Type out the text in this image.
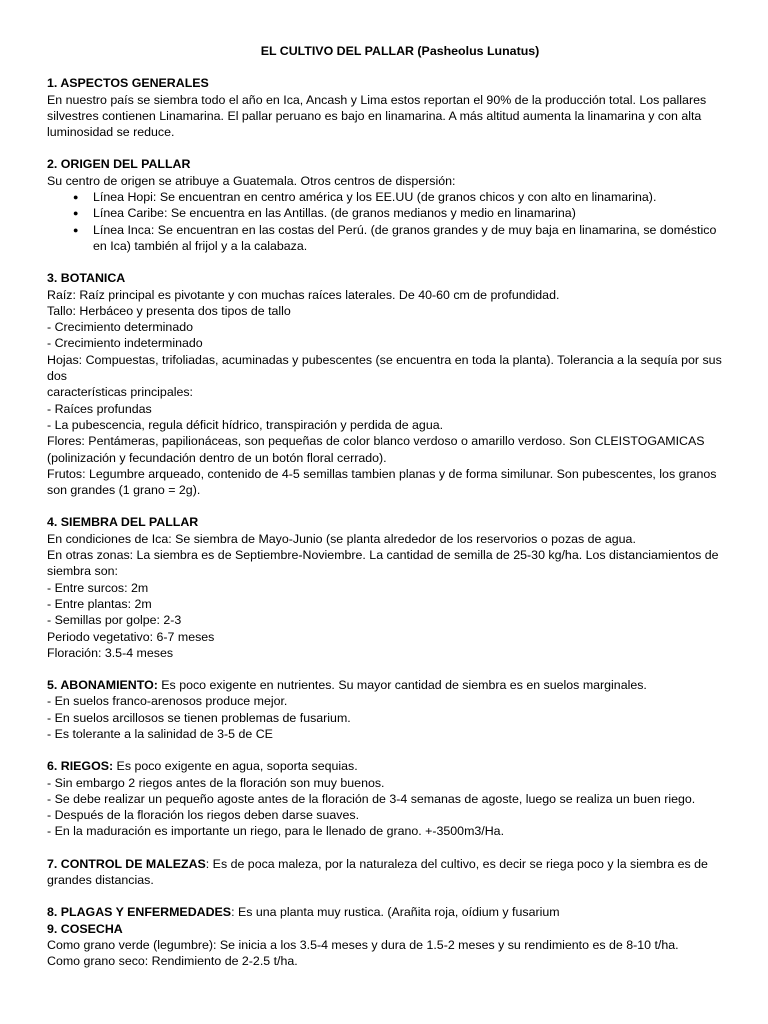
EL CULTIVO DEL PALLAR (Pasheolus Lunatus)
1. ASPECTOS GENERALES
En nuestro país se siembra todo el año en Ica, Ancash y Lima estos reportan el 90% de la producción total. Los pallares silvestres contienen Linamarina. El pallar peruano es bajo en linamarina. A más altitud aumenta la linamarina y con alta luminosidad se reduce.
2. ORIGEN DEL PALLAR
Su centro de origen se atribuye a Guatemala. Otros centros de dispersión:
● Línea Hopi: Se encuentran en centro américa y los EE.UU (de granos chicos y con alto en linamarina).
● Línea Caribe: Se encuentra en las Antillas. (de granos medianos y medio en linamarina)
● Línea Inca: Se encuentran en las costas del Perú. (de granos grandes y de muy baja en linamarina, se doméstico en Ica) también al frijol y a la calabaza.
3. BOTANICA
Raíz: Raíz principal es pivotante y con muchas raíces laterales. De 40-60 cm de profundidad.
Tallo: Herbáceo y presenta dos tipos de tallo
- Crecimiento determinado
- Crecimiento indeterminado
Hojas: Compuestas, trifoliadas, acuminadas y pubescentes (se encuentra en toda la planta). Tolerancia a la sequía por sus dos
características principales:
- Raíces profundas
- La pubescencia, regula déficit hídrico, transpiración y perdida de agua.
Flores: Pentámeras, papilionáceas, son pequeñas de color blanco verdoso o amarillo verdoso. Son CLEISTOGAMICAS (polinización y fecundación dentro de un botón floral cerrado).
Frutos: Legumbre arqueado, contenido de 4-5 semillas tambien planas y de forma similunar. Son pubescentes, los granos son grandes (1 grano = 2g).
4. SIEMBRA DEL PALLAR
En condiciones de Ica: Se siembra de Mayo-Junio (se planta alrededor de los reservorios o pozas de agua.
En otras zonas: La siembra es de Septiembre-Noviembre. La cantidad de semilla de 25-30 kg/ha. Los distanciamientos de siembra son:
- Entre surcos: 2m
- Entre plantas: 2m
- Semillas por golpe: 2-3
Periodo vegetativo: 6-7 meses
Floración: 3.5-4 meses
5. ABONAMIENTO: Es poco exigente en nutrientes. Su mayor cantidad de siembra es en suelos marginales.
- En suelos franco-arenosos produce mejor.
- En suelos arcillosos se tienen problemas de fusarium.
- Es tolerante a la salinidad de 3-5 de CE
6. RIEGOS: Es poco exigente en agua, soporta sequias.
- Sin embargo 2 riegos antes de la floración son muy buenos.
- Se debe realizar un pequeño agoste antes de la floración de 3-4 semanas de agoste, luego se realiza un buen riego.
- Después de la floración los riegos deben darse suaves.
- En la maduración es importante un riego, para le llenado de grano. +-3500m3/Ha.
7. CONTROL DE MALEZAS: Es de poca maleza, por la naturaleza del cultivo, es decir se riega poco y la siembra es de grandes distancias.
8. PLAGAS Y ENFERMEDADES: Es una planta muy rustica. (Arañita roja, oídium y fusarium
9. COSECHA
Como grano verde (legumbre): Se inicia a los 3.5-4 meses y dura de 1.5-2 meses y su rendimiento es de 8-10 t/ha.
Como grano seco: Rendimiento de 2-2.5 t/ha.
